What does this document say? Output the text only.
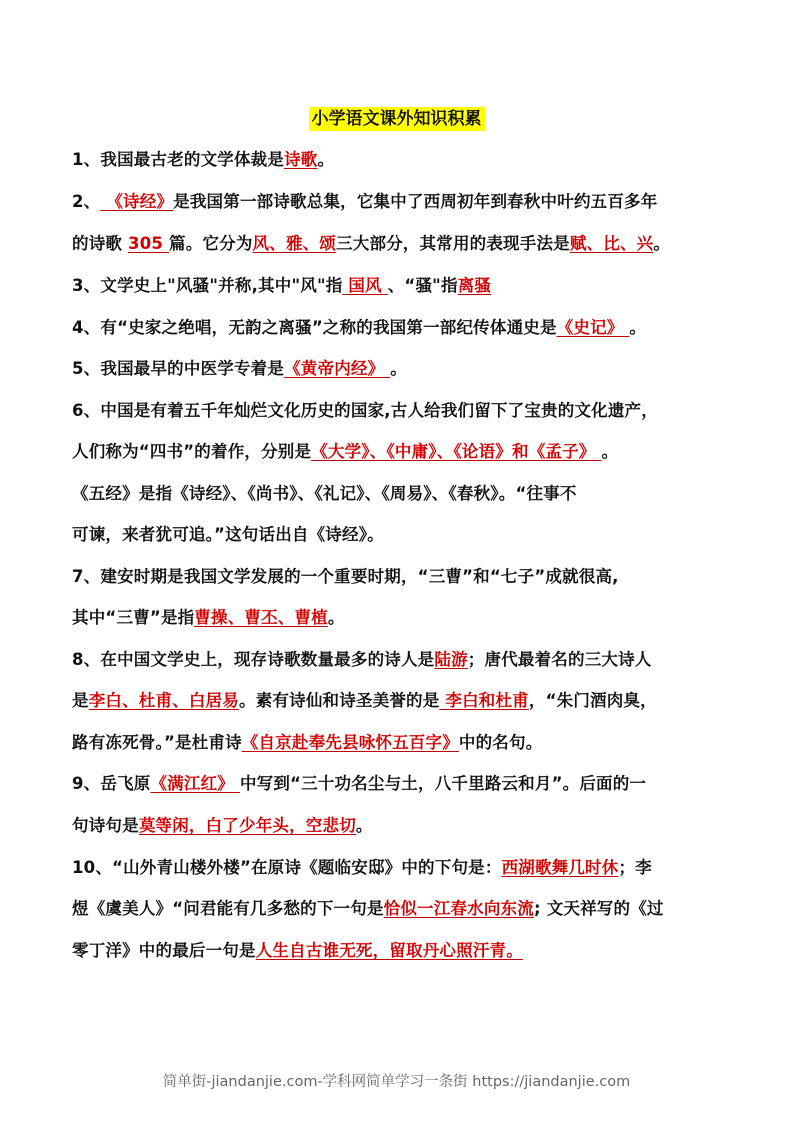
小学语文课外知识积累
1、我国最古老的文学体裁是诗歌。
2、 《诗经》是我国第一部诗歌总集，它集中了西周初年到春秋中叶约五百多年
的诗歌 305 篇。它分为风、雅、颂三大部分，其常用的表现手法是赋、比、兴。
3、文学史上"风骚"并称,其中"风"指 国风 、“骚"指离骚
4、有“史家之绝唱，无韵之离骚”之称的我国第一部纪传体通史是《史记》 。
5、我国最早的中医学专着是《黄帝内经》 。
6、中国是有着五千年灿烂文化历史的国家,古人给我们留下了宝贵的文化遗产，
人们称为“四书”的着作，分别是《大学》、《中庸》、《论语》和《孟子》 。
《五经》是指《诗经》、《尚书》、《礼记》、《周易》、《春秋》。“往事不
可谏，来者犹可追。”这句话出自《诗经》。
7、建安时期是我国文学发展的一个重要时期，“三曹”和“七子”成就很高,
其中“三曹”是指曹操、曹丕、曹植。
8、在中国文学史上，现存诗歌数量最多的诗人是陆游；唐代最着名的三大诗人
是李白、杜甫、白居易。素有诗仙和诗圣美誉的是 李白和杜甫，“朱门酒肉臭，
路有冻死骨。”是杜甫诗《自京赴奉先县咏怀五百字》中的名句。
9、岳飞原《满江红》 中写到“三十功名尘与土，八千里路云和月”。后面的一
句诗句是莫等闲，白了少年头，空悲切。
10、“山外青山楼外楼”在原诗《题临安邸》中的下句是：西湖歌舞几时休；李
煜《虞美人》“问君能有几多愁的下一句是恰似一江春水向东流; 文天祥写的《过
零丁洋》中的最后一句是人生自古谁无死，留取丹心照汗青。
简单街-jiandanjie.com-学科网简单学习一条街 https://jiandanjie.com
